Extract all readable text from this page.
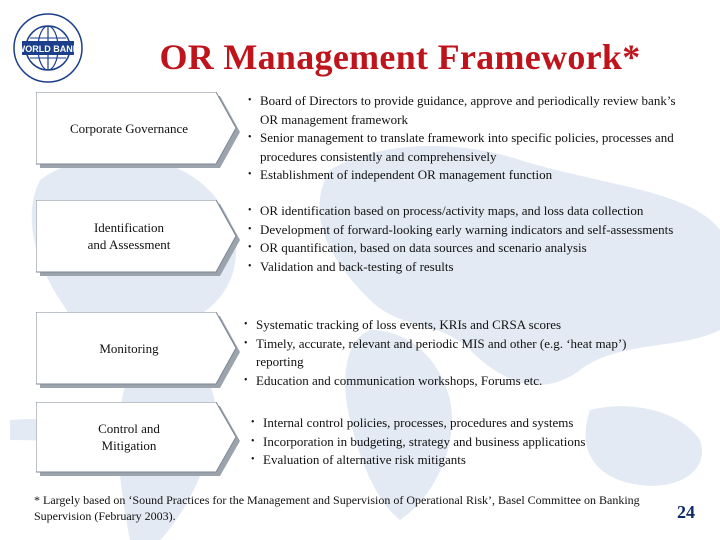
WORLD BANK	OR Management Framework*
Corporate Governance
• Board of Directors to provide guidance, approve and periodically review bank’s OR management framework
• Senior management to translate framework into specific policies, processes and procedures consistently and comprehensively
• Establishment of independent OR management function
Identification
and Assessment
• OR identification based on process/activity maps, and loss data collection
• Development of forward-looking early warning indicators and self-assessments
• OR quantification, based on data sources and scenario analysis
• Validation and back-testing of results
Monitoring
• Systematic tracking of loss events, KRIs and CRSA scores
• Timely, accurate, relevant and periodic MIS and other (e.g. ‘heat map’) reporting
• Education and communication workshops, Forums etc.
Control and
Mitigation
• Internal control policies, processes, procedures and systems
• Incorporation in budgeting, strategy and business applications
• Evaluation of alternative risk mitigants
* Largely based on ‘Sound Practices for the Management and Supervision of Operational Risk’, Basel Committee on Banking Supervision (February 2003).	24
